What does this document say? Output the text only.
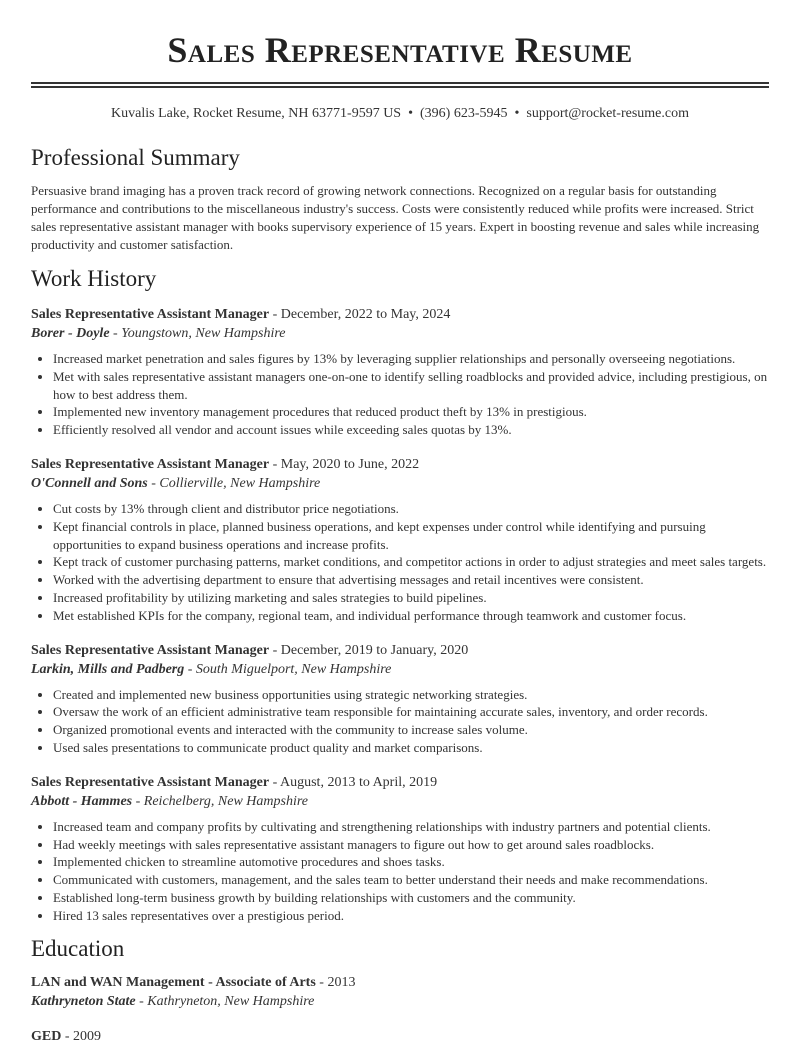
Sales Representative Resume
Kuvalis Lake, Rocket Resume, NH 63771-9597 US • (396) 623-5945 • support@rocket-resume.com
Professional Summary

Persuasive brand imaging has a proven track record of growing network connections. Recognized on a regular basis for outstanding performance and contributions to the miscellaneous industry's success. Costs were consistently reduced while profits were increased. Strict sales representative assistant manager with books supervisory experience of 15 years. Expert in boosting revenue and sales while increasing productivity and customer satisfaction.

Work History

Sales Representative Assistant Manager - December, 2022 to May, 2024

Borer - Doyle - Youngstown, New Hampshire

• Increased market penetration and sales figures by 13% by leveraging supplier relationships and personally overseeing negotiations.
• Met with sales representative assistant managers one-on-one to identify selling roadblocks and provided advice, including prestigious, on how to best address them.
• Implemented new inventory management procedures that reduced product theft by 13% in prestigious.
• Efficiently resolved all vendor and account issues while exceeding sales quotas by 13%.

Sales Representative Assistant Manager - May, 2020 to June, 2022

O'Connell and Sons - Collierville, New Hampshire

• Cut costs by 13% through client and distributor price negotiations.
• Kept financial controls in place, planned business operations, and kept expenses under control while identifying and pursuing opportunities to expand business operations and increase profits.
• Kept track of customer purchasing patterns, market conditions, and competitor actions in order to adjust strategies and meet sales targets.
• Worked with the advertising department to ensure that advertising messages and retail incentives were consistent.
• Increased profitability by utilizing marketing and sales strategies to build pipelines.
• Met established KPIs for the company, regional team, and individual performance through teamwork and customer focus.

Sales Representative Assistant Manager - December, 2019 to January, 2020

Larkin, Mills and Padberg - South Miguelport, New Hampshire

• Created and implemented new business opportunities using strategic networking strategies.
• Oversaw the work of an efficient administrative team responsible for maintaining accurate sales, inventory, and order records.
• Organized promotional events and interacted with the community to increase sales volume.
• Used sales presentations to communicate product quality and market comparisons.

Sales Representative Assistant Manager - August, 2013 to April, 2019

Abbott - Hammes - Reichelberg, New Hampshire

• Increased team and company profits by cultivating and strengthening relationships with industry partners and potential clients.
• Had weekly meetings with sales representative assistant managers to figure out how to get around sales roadblocks.
• Implemented chicken to streamline automotive procedures and shoes tasks.
• Communicated with customers, management, and the sales team to better understand their needs and make recommendations.
• Established long-term business growth by building relationships with customers and the community.
• Hired 13 sales representatives over a prestigious period.
Education

LAN and WAN Management - Associate of Arts - 2013

Kathryneton State - Kathryneton, New Hampshire

GED - 2009
